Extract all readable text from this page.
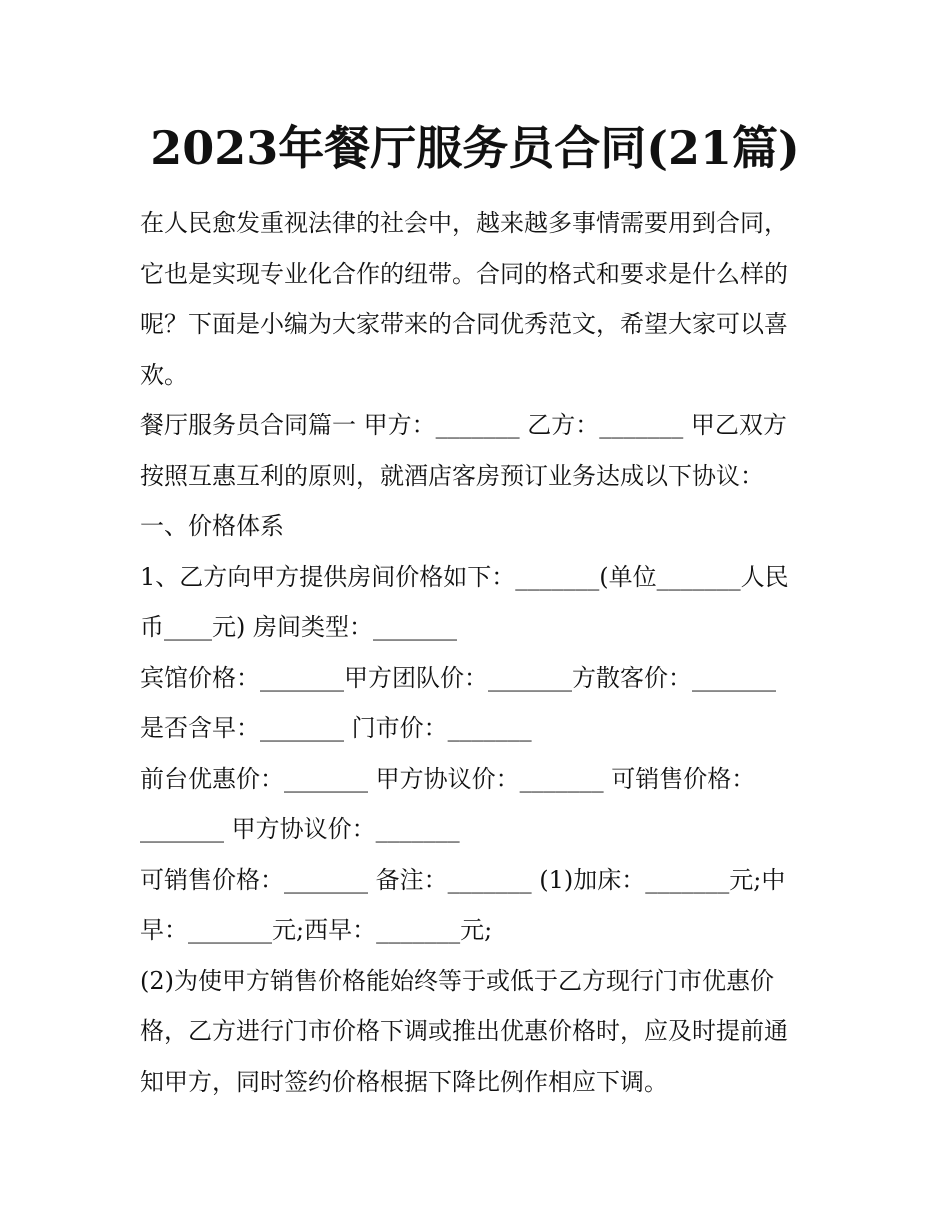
2023年餐厅服务员合同(21篇)
在人民愈发重视法律的社会中，越来越多事情需要用到合同，
它也是实现专业化合作的纽带。合同的格式和要求是什么样的
呢？下面是小编为大家带来的合同优秀范文，希望大家可以喜
欢。
餐厅服务员合同篇一 甲方：_______ 乙方：_______ 甲乙双方
按照互惠互利的原则，就酒店客房预订业务达成以下协议：
一、价格体系
1、乙方向甲方提供房间价格如下：_______(单位_______人民
币____元) 房间类型：_______
宾馆价格：_______甲方团队价：_______方散客价：_______
是否含早：_______ 门市价：_______
前台优惠价：_______ 甲方协议价：_______ 可销售价格：
_______ 甲方协议价：_______
可销售价格：_______ 备注：_______ (1)加床：_______元;中
早：_______元;西早：_______元;
(2)为使甲方销售价格能始终等于或低于乙方现行门市优惠价
格，乙方进行门市价格下调或推出优惠价格时，应及时提前通
知甲方，同时签约价格根据下降比例作相应下调。
